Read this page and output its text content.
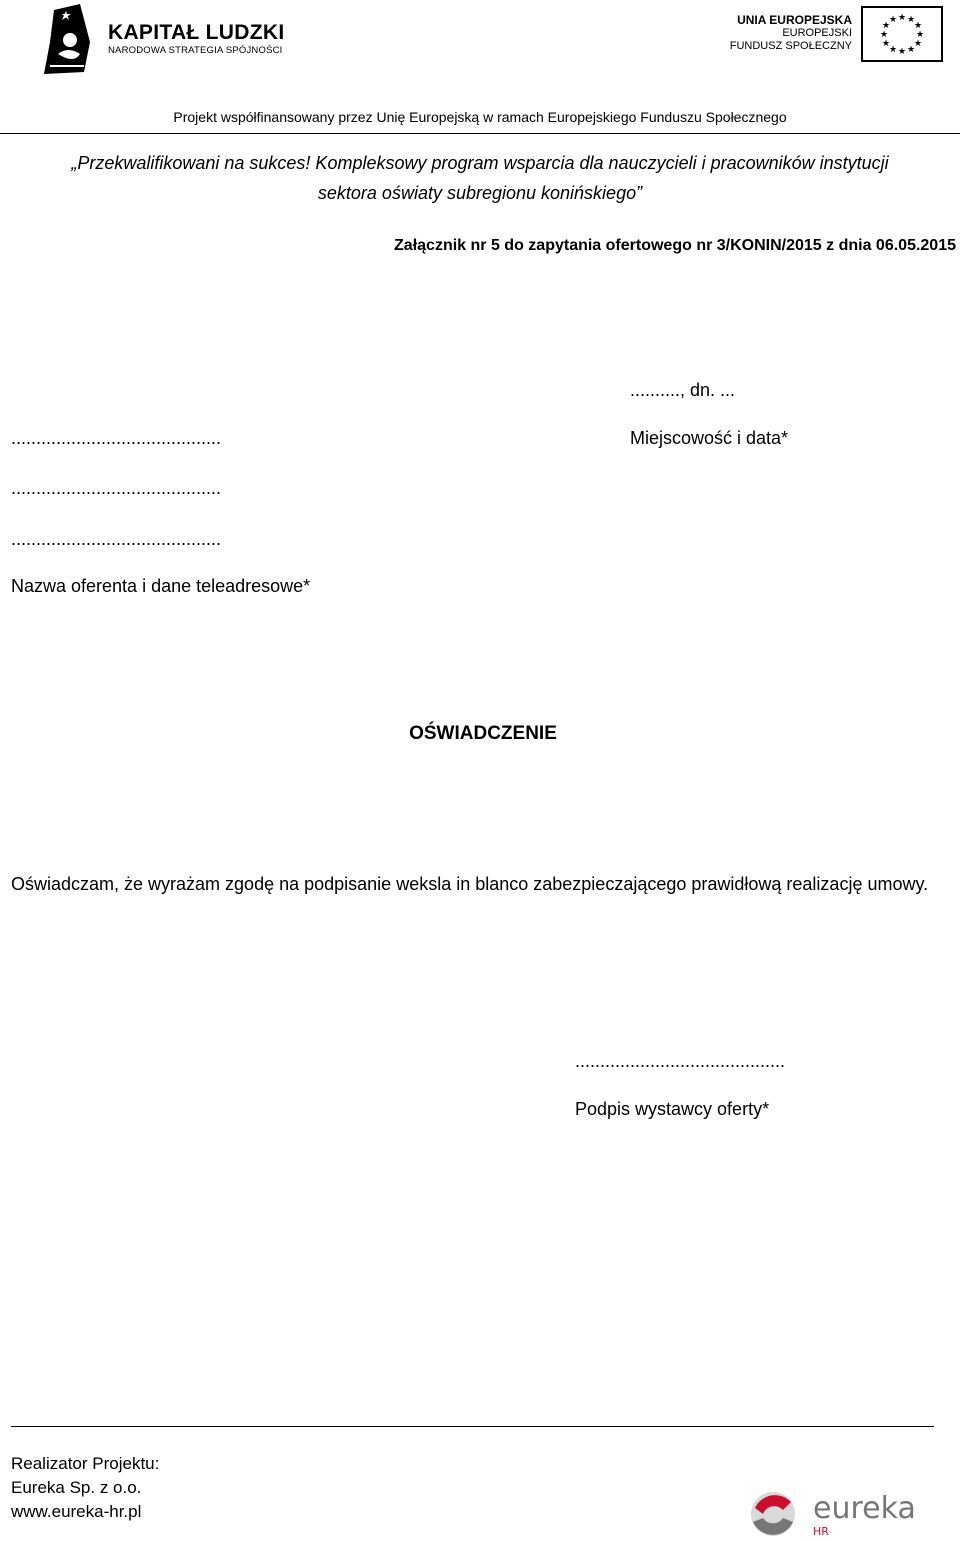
KAPITAŁ LUDZKI
NARODOWA STRATEGIA SPÓJNOŚCI
UNIA EUROPEJSKA
EUROPEJSKI
FUNDUSZ SPOŁECZNY
★ ★
★
★
★
★
★
★
★
★
★
★
Projekt współfinansowany przez Unię Europejską w ramach Europejskiego Funduszu Społecznego
„Przekwalifikowani na sukces! Kompleksowy program wsparcia dla nauczycieli i pracowników instytucji
sektora oświaty subregionu konińskiego”
Załącznik nr 5 do zapytania ofertowego nr 3/KONIN/2015 z dnia 06.05.2015
.........., dn. ...
Miejscowość i data*
..........................................
..........................................
..........................................
Nazwa oferenta i dane teleadresowe*
OŚWIADCZENIE
Oświadczam, że wyrażam zgodę na podpisanie weksla in blanco zabezpieczającego prawidłową realizację umowy.
..........................................
Podpis wystawcy oferty*
Realizator Projektu:
Eureka Sp. z o.o.
www.eureka-hr.pl	eureka
HR
